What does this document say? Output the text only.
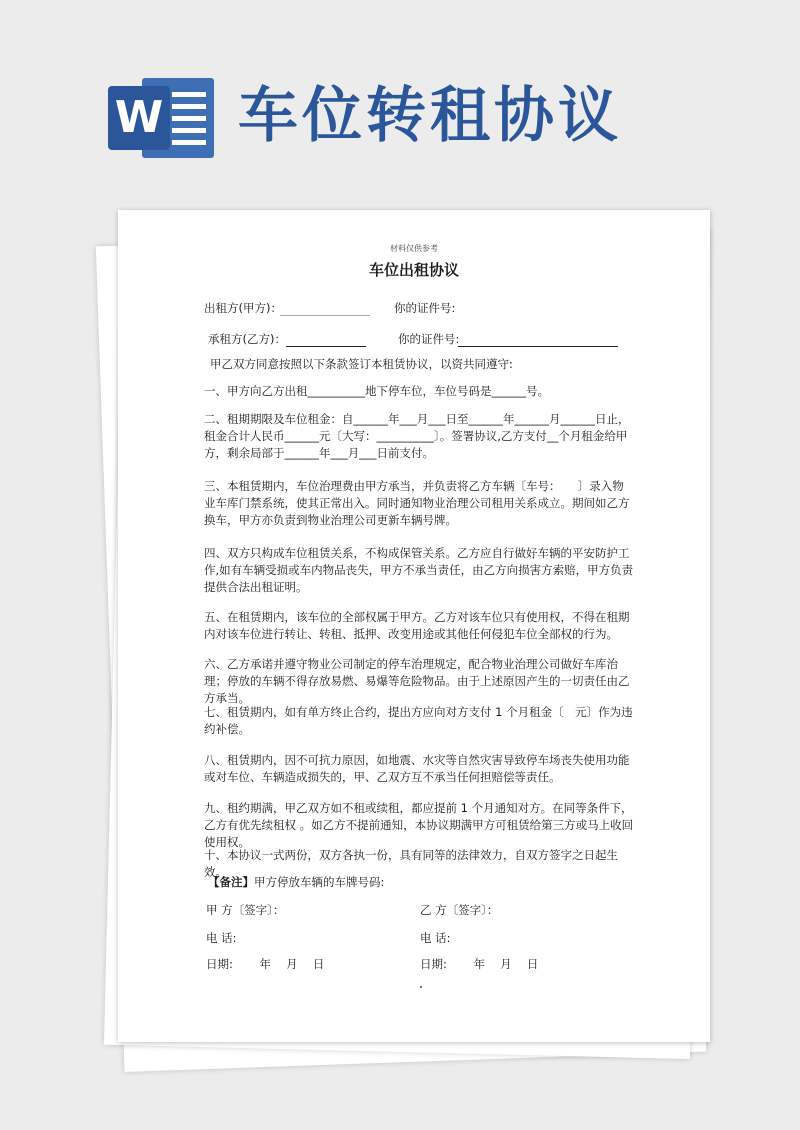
W 车位转租协议
材料仅供参考
车位出租协议
出租方(甲方)：	你的证件号:
承租方(乙方)：	你的证件号:
甲乙双方同意按照以下条款签订本租赁协议，以资共同遵守:
一、甲方向乙方出租__________地下停车位，车位号码是______号。
二、租期期限及车位租金：自______年___月___日至______年______月______日止，租金合计人民币______元〔大写：__________〕。签署协议,乙方支付__个月租金给甲方，剩余局部于______年___月___日前支付。
三、本租赁期内，车位治理费由甲方承当，并负责将乙方车辆〔车号：　　〕录入物业车库门禁系统，使其正常出入。同时通知物业治理公司租用关系成立。期间如乙方换车，甲方亦负责到物业治理公司更新车辆号牌。
四、双方只构成车位租赁关系，不构成保管关系。乙方应自行做好车辆的平安防护工作,如有车辆受损或车内物品丧失，甲方不承当责任，由乙方向损害方索赔，甲方负责提供合法出租证明。
五、在租赁期内，该车位的全部权属于甲方。乙方对该车位只有使用权，不得在租期内对该车位进行转让、转租、抵押、改变用途或其他任何侵犯车位全部权的行为。
六、乙方承诺并遵守物业公司制定的停车治理规定，配合物业治理公司做好车库治理；停放的车辆不得存放易燃、易爆等危险物品。由于上述原因产生的一切责任由乙方承当。
七、租赁期内，如有单方终止合约，提出方应向对方支付 1 个月租金〔　元〕作为违约补偿。
八、租赁期内，因不可抗力原因，如地震、水灾等自然灾害导致停车场丧失使用功能或对车位、车辆造成损失的，甲、乙双方互不承当任何担赔偿等责任。
九、租约期满，甲乙双方如不租或续租，都应提前 1 个月通知对方。在同等条件下，乙方有优先续租权 。如乙方不提前通知，本协议期满甲方可租赁给第三方或马上收回使用权。
十、本协议一式两份，双方各执一份，具有同等的法律效力，自双方签字之日起生效。
【备注】 甲方停放车辆的车牌号码:
甲 方〔签字〕：	乙 方〔签字〕：
电 话:	电 话:
日期:　　 年　 月　 日	日期:　　 年　 月　 日
